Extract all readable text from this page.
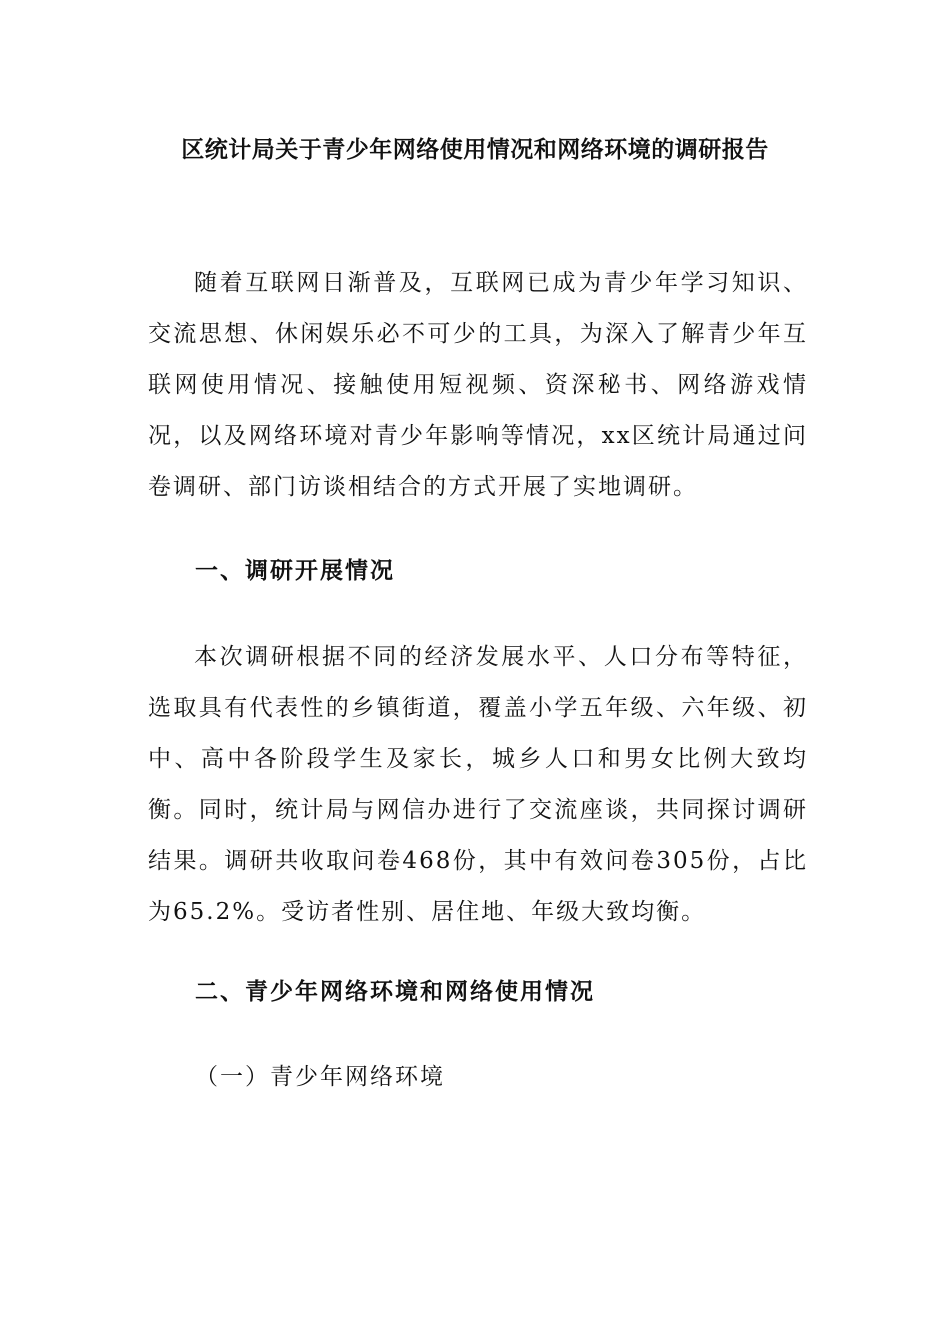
区统计局关于青少年网络使用情况和网络环境的调研报告
随着互联网日渐普及，互联网已成为青少年学习知识、交流思想、休闲娱乐必不可少的工具，为深入了解青少年互联网使用情况、接触使用短视频、资深秘书、网络游戏情况，以及网络环境对青少年影响等情况，xx区统计局通过问卷调研、部门访谈相结合的方式开展了实地调研。
一、调研开展情况
本次调研根据不同的经济发展水平、人口分布等特征，选取具有代表性的乡镇街道，覆盖小学五年级、六年级、初中、高中各阶段学生及家长，城乡人口和男女比例大致均衡。同时，统计局与网信办进行了交流座谈，共同探讨调研结果。调研共收取问卷468份，其中有效问卷305份，占比为65.2%。受访者性别、居住地、年级大致均衡。
二、青少年网络环境和网络使用情况
（一）青少年网络环境
